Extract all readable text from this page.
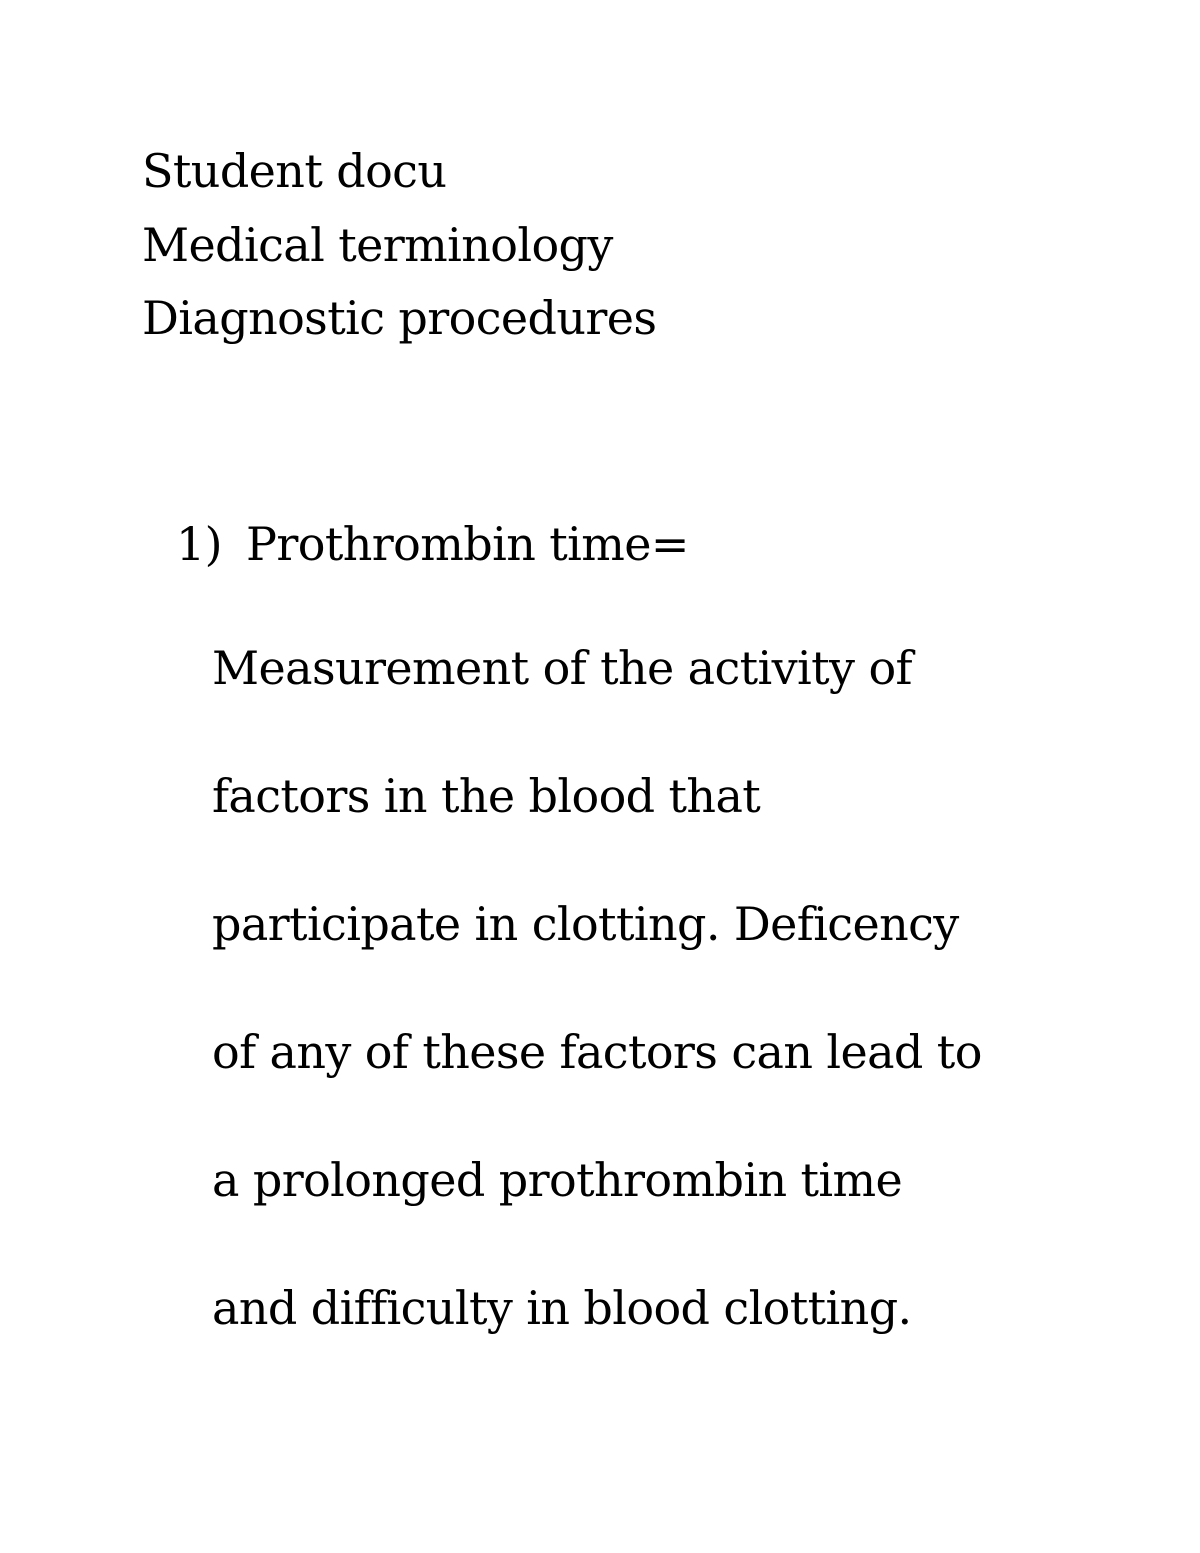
Student docu
Medical terminology
Diagnostic procedures
1) Prothrombin time=
Measurement of the activity of
factors in the blood that
participate in clotting. Deficency
of any of these factors can lead to
a prolonged prothrombin time
and difficulty in blood clotting.
